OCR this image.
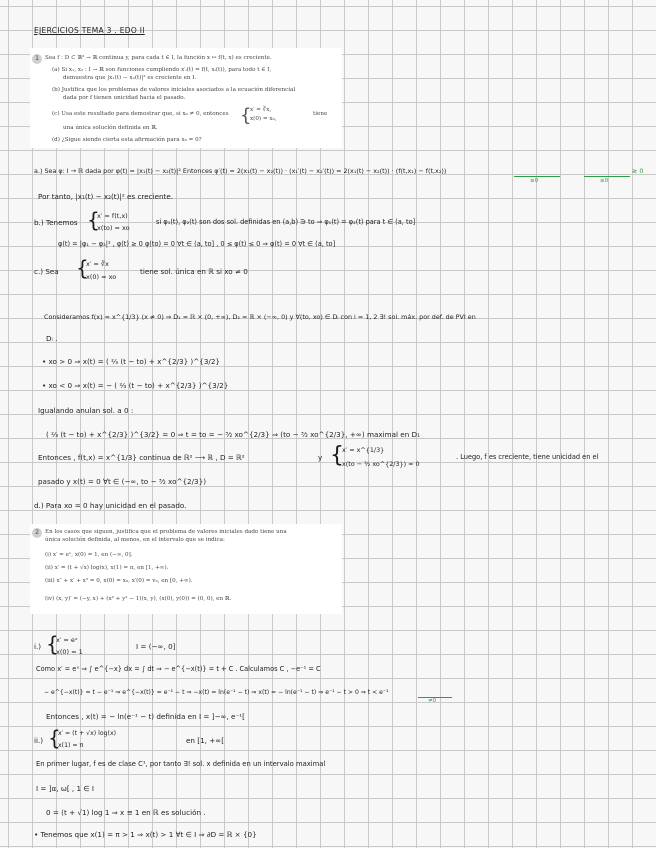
EJERCICIOS TEMA 3 . EDO II
1	Sea f : D ⊂ ℝ² → ℝ continua y, para cada t ∈ I, la función x ↦ f(t, x) es creciente.
(a) Si x₁, x₂ : I → ℝ son funciones cumpliendo x′ᵢ(t) = f(t, xᵢ(t)), para todo t ∈ I,
demuestra que |x₁(t) − x₂(t)|² es creciente en I.
(b) Justifica que los problemas de valores iniciales asociados a la ecuación diferencial
dada por f tienen unicidad hacia el pasado.
(c) Usa este resultado para demostrar que, si x₀ ≠ 0, entonces {
x′ = ∛x,
x(0) = x₀,
tiene
una única solución definida en ℝ.
(d) ¿Sigue siendo cierta esta afirmación para x₀ = 0?
a.) Sea φ: I → ℝ dada por φ(t) = |x₁(t) − x₂(t)|² Entonces φ′(t) = 2(x₁(t) − x₂(t)) · (x₁′(t) − x₂′(t)) = 2(x₁(t) − x₂(t)) · (f(t,x₁) − f(t,x₂))	≥ 0
≥0	≥0
Por tanto, |x₁(t) − x₂(t)|² es creciente.
b.) Tenemos {
x′ = f(t,x)
x(to) = xo
si φ₁(t), φ₂(t) son dos sol. definidas en (a,b) ∋ to ⇒ φ₁(t) = φ₂(t) para t ∈ (a, to]
φ(t) = |φ₁ − φ₂|² , φ(t) ≥ 0 φ(to) = 0 ∀t ∈ (a, to] , 0 ≤ φ(t) ≤ 0 ⇒ φ(t) = 0 ∀t ∈ (a, to]
c.) Sea {
x′ = ∛x
x(0) = xo
tiene sol. única en ℝ si xo ≠ 0
Consideramos f(x) = x^{1/3} (x ≠ 0) ⇒ D₁ = ℝ × (0, +∞), D₂ = ℝ × (−∞, 0) y ∀(to, xo) ∈ Dᵢ con i = 1, 2 ∃! sol. máx. por def. de PVI en
Dᵢ .
• xo > 0 ⇒ x(t) = ( ⅔ (t − to) + x^{2/3} )^{3/2}
• xo < 0 ⇒ x(t) = − ( ⅔ (t − to) + x^{2/3} )^{3/2}
Igualando anulan sol. a 0 :
( ⅔ (t − to) + x^{2/3} )^{3/2} = 0 ⇒ t = to = − ³⁄₂ xo^{2/3} ⇒ (to − ³⁄₂ xo^{2/3}, +∞) maximal en D₁
Entonces , f(t,x) = x^{1/3} continua de ℝ² ⟶ ℝ , D = ℝ²	y {
x′ = x^{1/3}
x(to − ³⁄₂ xo^{2/3}) = 0
. Luego, f es creciente, tiene unicidad en el
pasado y x(t) = 0 ∀t ∈ (−∞, to − ³⁄₂ xo^{2/3})
d.) Para xo = 0 hay unicidad en el pasado.
2	En los casos que siguen, justifica que el problema de valores iniciales dado tiene una
única solución definida, al menos, en el intervalo que se indica:
(i) x′ = eˣ, x(0) = 1, en (−∞, 0].
(ii) x′ = (t + √x) log(x), x(1) = π, en [1, +∞).
(iii) x″ + x′ + x² = 0, x(0) = x₀, x′(0) = v₀, en [0, +∞).
(iv) (x, y)′ = (−y, x) + (x² + y² − 1)(x, y), (x(0), y(0)) = (0, 0), en ℝ.
i.) {
x′ = eˣ
x(0) = 1
I = (−∞, 0]
Como x′ = eˣ ⇒ ∫ e^{−x} dx = ∫ dt ⇒ − e^{−x(t)} = t + C . Calculamos C , −e⁻¹ = C
− e^{−x(t)} = t − e⁻¹ ⇒ e^{−x(t)} = e⁻¹ − t ⇒ −x(t) = ln(e⁻¹ − t) ⇒ x(t) = − ln(e⁻¹ − t) ⇒ e⁻¹ − t > 0 ⇒ t < e⁻¹
≠0
Entonces , x(t) = − ln(e⁻¹ − t) definida en I = ]−∞, e⁻¹[
ii.) {
x′ = (t + √x) log(x)
x(1) = π
en [1, +∞[
En primer lugar, f es de clase C¹, por tanto ∃! sol. x definida en un intervalo maximal
I = ]α, ω[ , 1 ∈ I
0 = (t + √1) log 1 ⇒ x ≡ 1 en ℝ es solución .
• Tenemos que x(1) = π > 1 ⇒ x(t) > 1 ∀t ∈ I ⇒ ∂D = ℝ × {0}
